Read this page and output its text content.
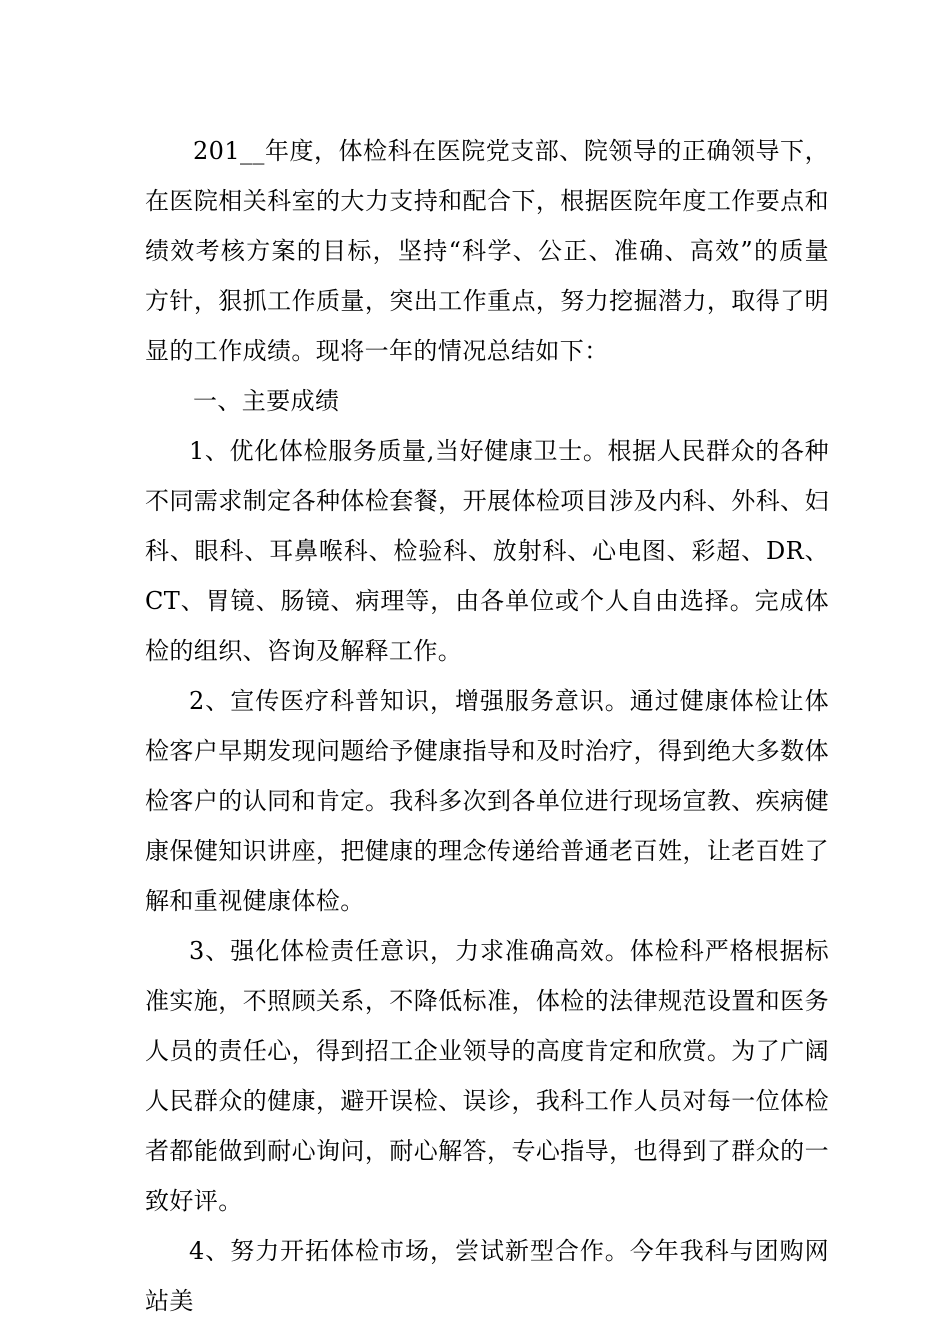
201__年度，体检科在医院党支部、院领导的正确领导下，在医院相关科室的大力支持和配合下，根据医院年度工作要点和绩效考核方案的目标，坚持“科学、公正、准确、高效”的质量方针，狠抓工作质量，突出工作重点，努力挖掘潜力，取得了明显的工作成绩。现将一年的情况总结如下：

一、主要成绩

1、优化体检服务质量,当好健康卫士。根据人民群众的各种不同需求制定各种体检套餐，开展体检项目涉及内科、外科、妇科、眼科、耳鼻喉科、检验科、放射科、心电图、彩超、DR、CT、胃镜、肠镜、病理等，由各单位或个人自由选择。完成体检的组织、咨询及解释工作。

2、宣传医疗科普知识，增强服务意识。通过健康体检让体检客户早期发现问题给予健康指导和及时治疗，得到绝大多数体检客户的认同和肯定。我科多次到各单位进行现场宣教、疾病健康保健知识讲座，把健康的理念传递给普通老百姓，让老百姓了解和重视健康体检。

3、强化体检责任意识，力求准确高效。体检科严格根据标准实施，不照顾关系，不降低标准，体检的法律规范设置和医务人员的责任心，得到招工企业领导的高度肯定和欣赏。为了广阔人民群众的健康，避开误检、误诊，我科工作人员对每一位体检者都能做到耐心询问，耐心解答，专心指导，也得到了群众的一致好评。

4、努力开拓体检市场，尝试新型合作。今年我科与团购网站美
